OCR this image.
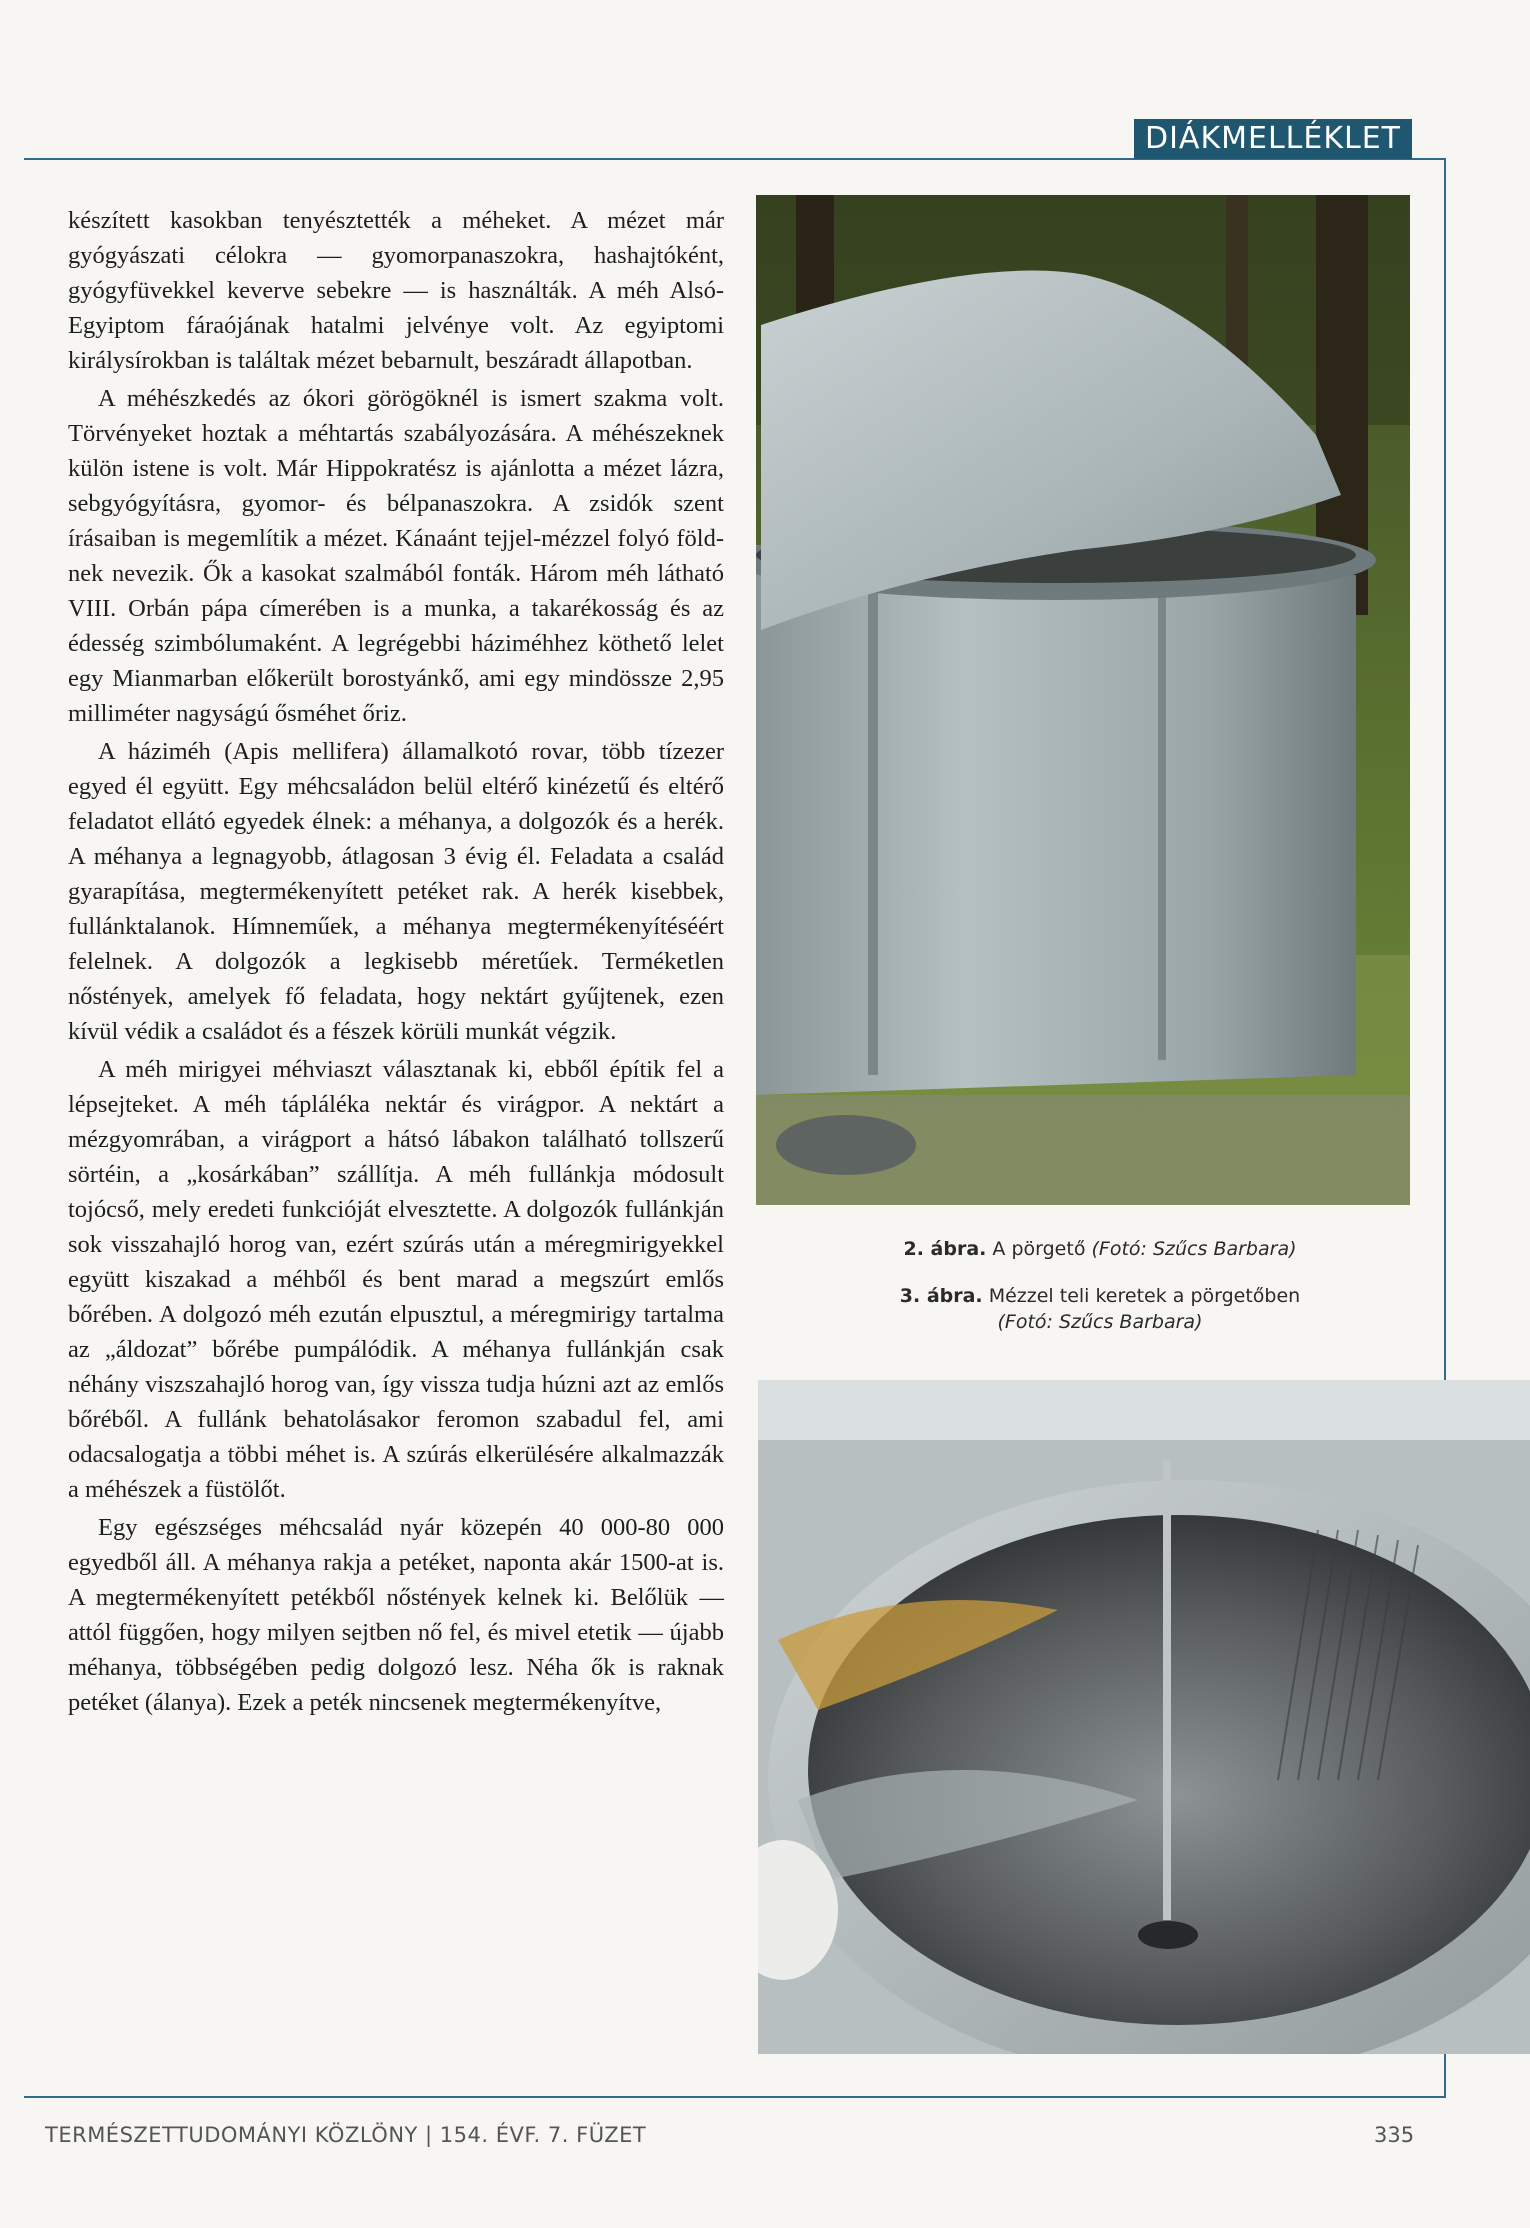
DIÁKMELLÉKLET

készített kasokban tenyésztették a méheket. A mézet már gyógyászati célokra — gyomorpanaszokra, hashajtóként, gyógyfüvekkel keverve sebekre — is használták. A méh Alsó-Egyiptom fáraójának hatalmi jelvénye volt. Az egyiptomi királysírokban is találtak mézet bebarnult, beszáradt állapotban.

A méhészkedés az ókori görögöknél is ismert szakma volt. Törvényeket hoztak a méhtartás szabályozására. A méhészeknek külön istene is volt. Már Hippokratész is ajánlotta a mézet lázra, sebgyógyításra, gyomor- és bélpanaszokra. A zsidók szent írásaiban is megemlítik a mézet. Kánaánt tejjel-mézzel folyó földnek nevezik. Ők a kasokat szalmából fonták. Három méh látható VIII. Orbán pápa címerében is a munka, a takarékosság és az édesség szimbólumaként. A legrégebbi háziméhhez köthető lelet egy Mianmarban előkerült borostyánkő, ami egy mindössze 2,95 milliméter nagyságú ősméhet őriz.

A háziméh (Apis mellifera) államalkotó rovar, több tízezer egyed él együtt. Egy méhcsaládon belül eltérő kinézetű és eltérő feladatot ellátó egyedek élnek: a méhanya, a dolgozók és a herék. A méhanya a legnagyobb, átlagosan 3 évig él. Feladata a család gyarapítása, megtermékenyített petéket rak. A herék kisebbek, fullánktalanok. Hímneműek, a méhanya megtermékenyítéséért felelnek. A dolgozók a legkisebb méretűek. Terméketlen nőstények, amelyek fő feladata, hogy nektárt gyűjtenek, ezen kívül védik a családot és a fészek körüli munkát végzik.

A méh mirigyei méhviaszt választanak ki, ebből építik fel a lépsejteket. A méh tápláléka nektár és virágpor. A nektárt a mézgyomrában, a virágport a hátsó lábakon található tollszerű sörtéin, a „kosárkában” szállítja. A méh fullánkja módosult tojócső, mely eredeti funkcióját elvesztette. A dolgozók fullánkján sok visszahajló horog van, ezért szúrás után a méregmirigyekkel együtt kiszakad a méhből és bent marad a megszúrt emlős bőrében. A dolgozó méh ezután elpusztul, a méregmirigy tartalma az „áldozat” bőrébe pumpálódik. A méhanya fullánkján csak néhány viszszahajló horog van, így vissza tudja húzni azt az emlős bőréből. A fullánk behatolásakor feromon szabadul fel, ami odacsalogatja a többi méhet is. A szúrás elkerülésére alkalmazzák a méhészek a füstölőt.

Egy egészséges méhcsalád nyár közepén 40 000-80 000 egyedből áll. A méhanya rakja a petéket, naponta akár 1500-at is. A megtermékenyített petékből nőstények kelnek ki. Belőlük — attól függően, hogy milyen sejtben nő fel, és mivel etetik — újabb méhanya, többségében pedig dolgozó lesz. Néha ők is raknak petéket (álanya). Ezek a peték nincsenek megtermékenyítve,

2. ábra. A pörgető (Fotó: Szűcs Barbara)
3. ábra. Mézzel teli keretek a pörgetőben
(Fotó: Szűcs Barbara)
TERMÉSZETTUDOMÁNYI KÖZLÖNY | 154. ÉVF. 7. FÜZET	335
